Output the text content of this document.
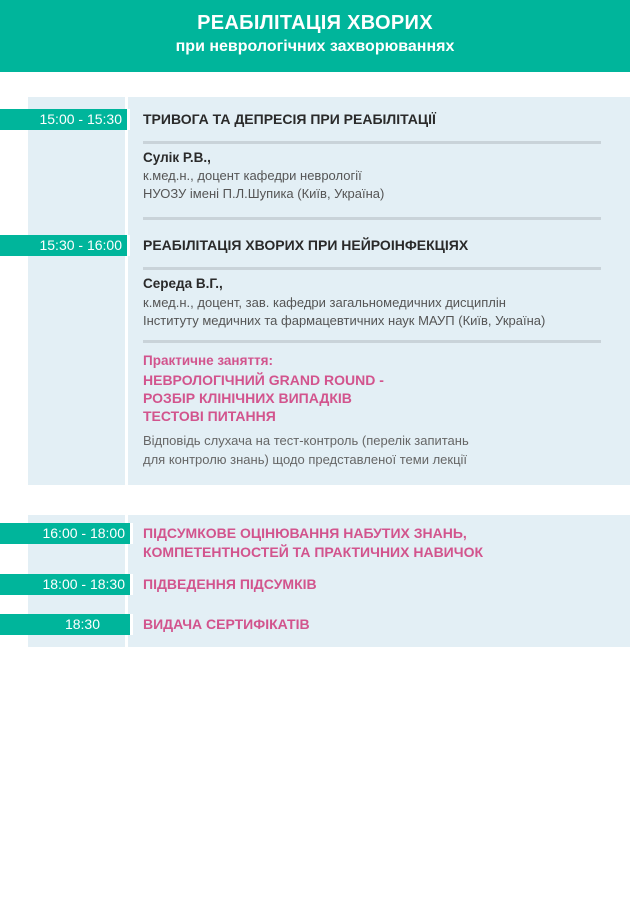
РЕАБІЛІТАЦІЯ ХВОРИХ
при неврологічних захворюваннях
15:00 - 15:30	ТРИВОГА ТА ДЕПРЕСІЯ ПРИ РЕАБІЛІТАЦІЇ
Сулік Р.В.,
к.мед.н., доцент кафедри неврології
НУОЗУ імені П.Л.Шупика (Київ, Україна)
15:30 - 16:00	РЕАБІЛІТАЦІЯ ХВОРИХ ПРИ НЕЙРОІНФЕКЦІЯХ
Середа В.Г.,
к.мед.н., доцент, зав. кафедри загальномедичних дисциплін
Інституту медичних та фармацевтичних наук МАУП (Київ, Україна)
Практичне заняття:
НЕВРОЛОГІЧНИЙ GRAND ROUND -
РОЗБІР КЛІНІЧНИХ ВИПАДКІВ
ТЕСТОВІ ПИТАННЯ
Відповідь слухача на тест-контроль (перелік запитань
для контролю знань) щодо представленої теми лекції
16:00 - 18:00	ПІДСУМКОВЕ ОЦІНЮВАННЯ НАБУТИХ ЗНАНЬ,
КОМПЕТЕНТНОСТЕЙ ТА ПРАКТИЧНИХ НАВИЧОК
18:00 - 18:30	ПІДВЕДЕННЯ ПІДСУМКІВ
18:30	ВИДАЧА СЕРТИФІКАТІВ
